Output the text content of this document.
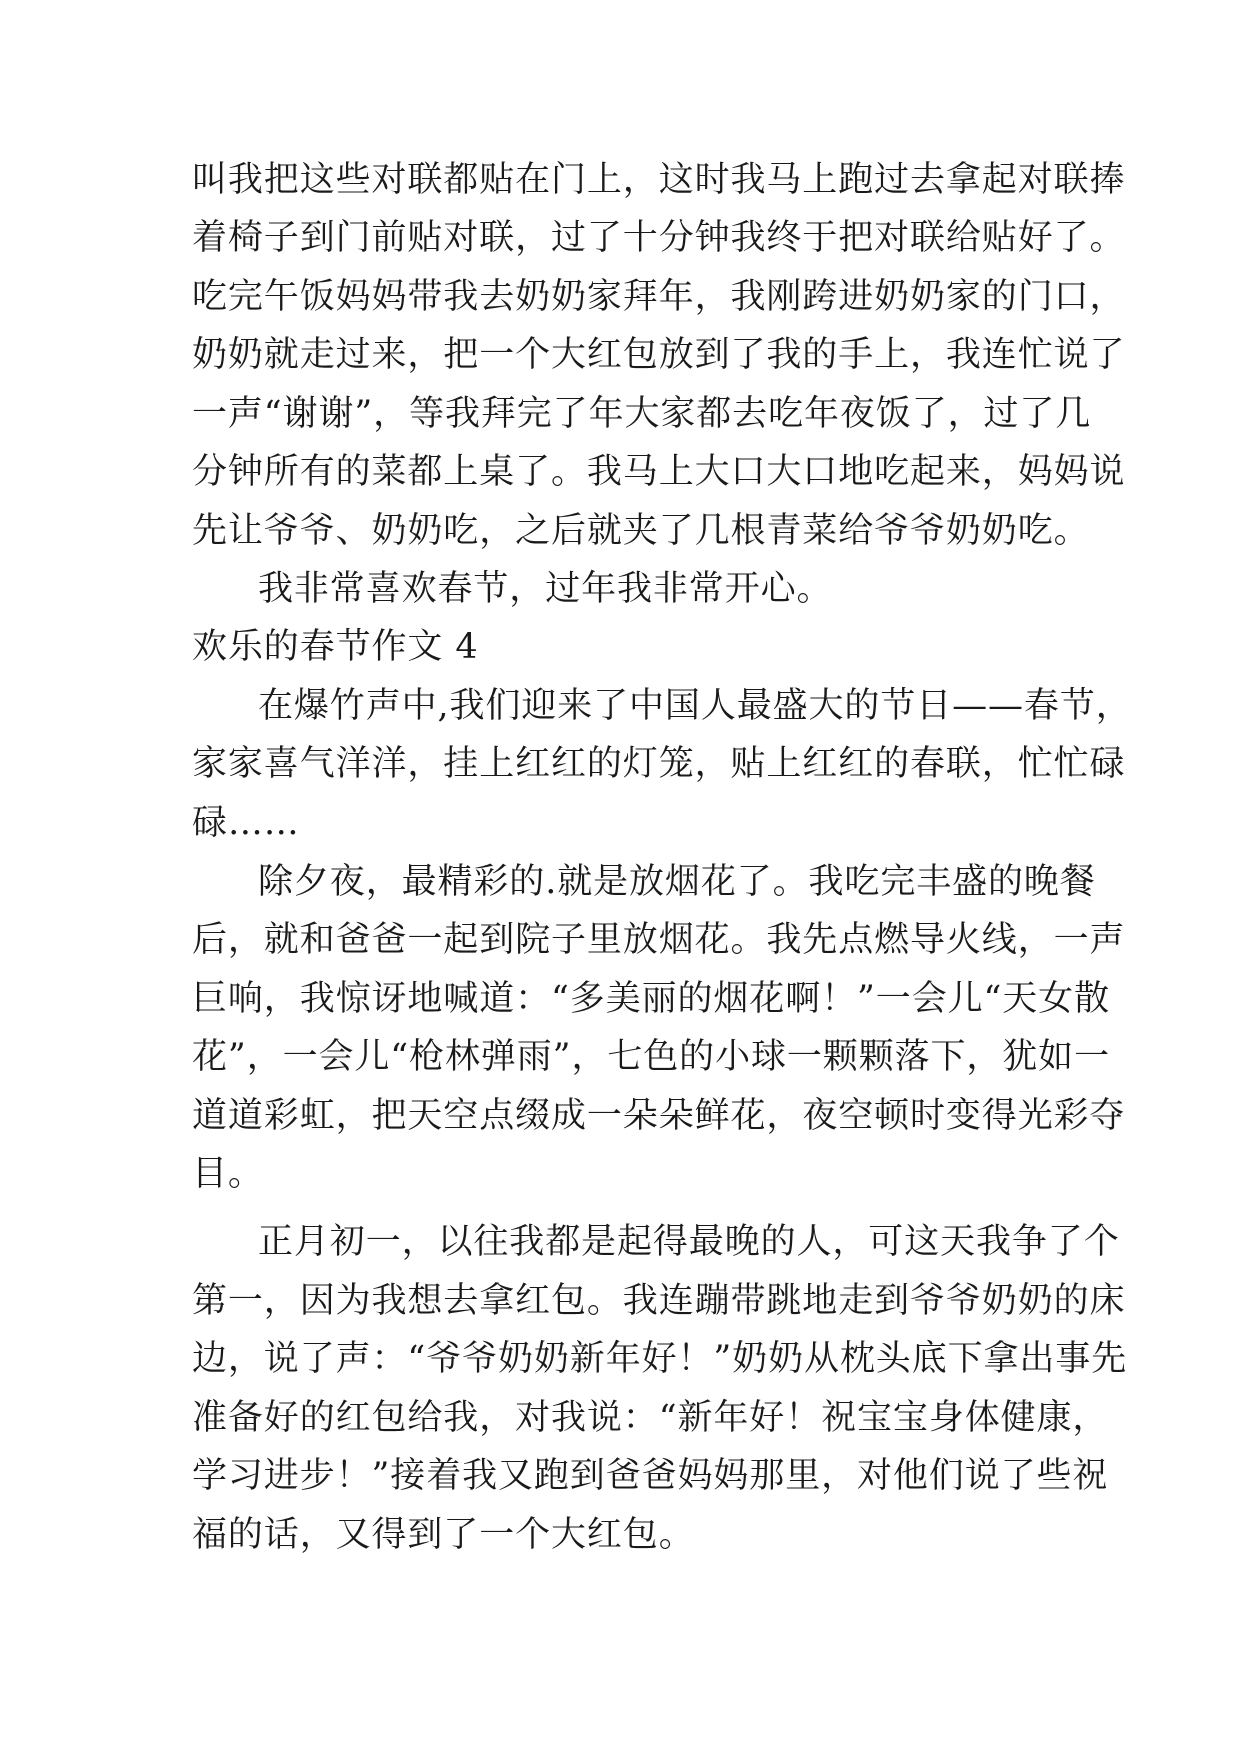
叫我把这些对联都贴在门上，这时我马上跑过去拿起对联捧
着椅子到门前贴对联，过了十分钟我终于把对联给贴好了。
吃完午饭妈妈带我去奶奶家拜年，我刚跨进奶奶家的门口，
奶奶就走过来，把一个大红包放到了我的手上，我连忙说了
一声“谢谢”，等我拜完了年大家都去吃年夜饭了，过了几
分钟所有的菜都上桌了。我马上大口大口地吃起来，妈妈说
先让爷爷、奶奶吃，之后就夹了几根青菜给爷爷奶奶吃。
我非常喜欢春节，过年我非常开心。
欢乐的春节作文 4
在爆竹声中,我们迎来了中国人最盛大的节日——春节，
家家喜气洋洋，挂上红红的灯笼，贴上红红的春联，忙忙碌
碌……
除夕夜，最精彩的.就是放烟花了。我吃完丰盛的晚餐
后，就和爸爸一起到院子里放烟花。我先点燃导火线，一声
巨响，我惊讶地喊道：“多美丽的烟花啊！”一会儿“天女散
花”，一会儿“枪林弹雨”，七色的小球一颗颗落下，犹如一
道道彩虹，把天空点缀成一朵朵鲜花，夜空顿时变得光彩夺
目。
正月初一，以往我都是起得最晚的人，可这天我争了个
第一，因为我想去拿红包。我连蹦带跳地走到爷爷奶奶的床
边，说了声：“爷爷奶奶新年好！”奶奶从枕头底下拿出事先
准备好的红包给我，对我说：“新年好！祝宝宝身体健康，
学习进步！”接着我又跑到爸爸妈妈那里，对他们说了些祝
福的话，又得到了一个大红包。
